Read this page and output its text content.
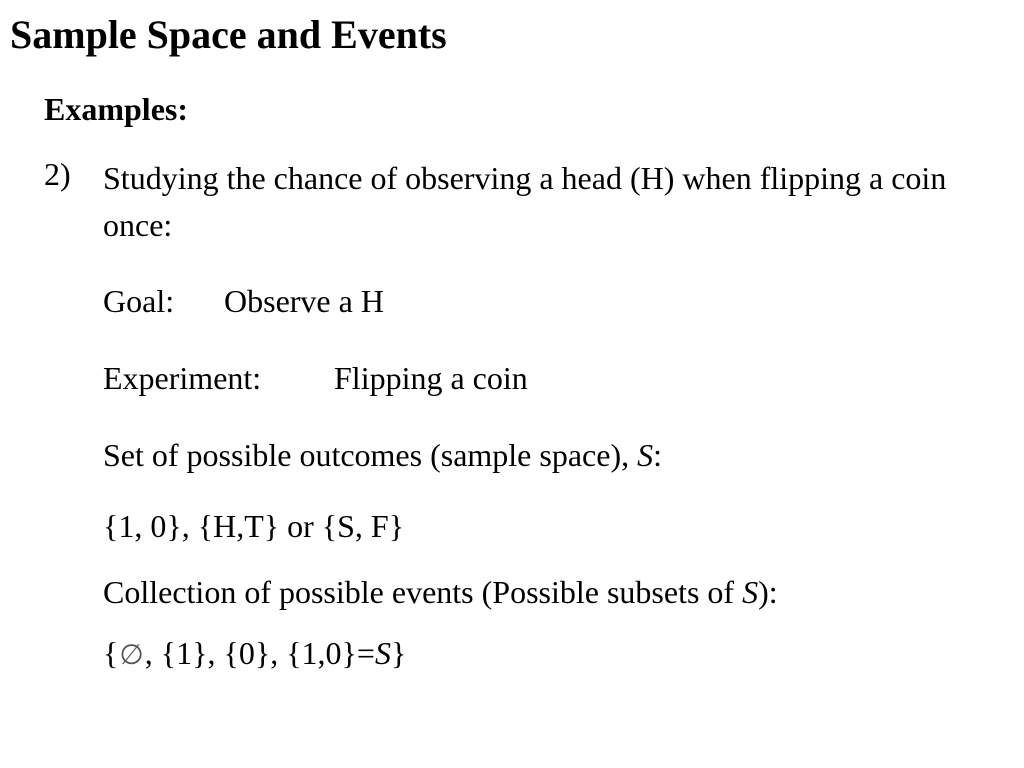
Sample Space and Events
Examples:
2) Studying the chance of observing a head (H) when flipping a coin once:
Goal: Observe a H
Experiment: Flipping a coin
Set of possible outcomes (sample space), S:
{1, 0}, {H,T} or {S, F}
Collection of possible events (Possible subsets of S):
{∅, {1}, {0}, {1,0}=S}
